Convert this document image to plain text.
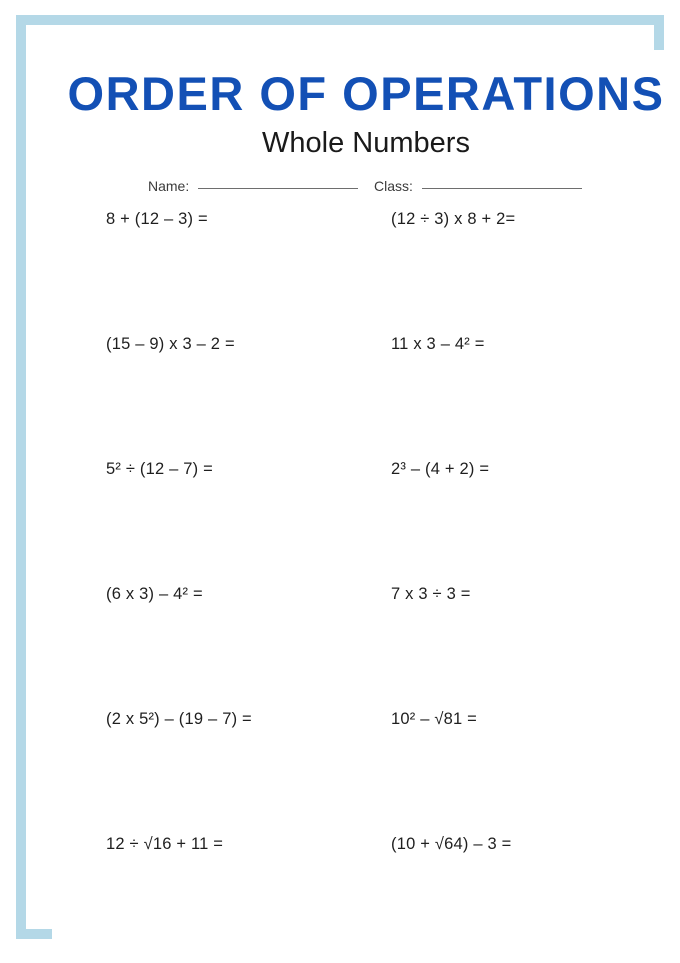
ORDER OF OPERATIONS
Whole Numbers
Name:	Class:
8 + (12 – 3) =	(12 ÷ 3) x 8 + 2=
(15 – 9) x 3 – 2 =	11 x 3 – 4² =
5² ÷ (12 – 7) =	2³ – (4 + 2) =
(6 x 3) – 4² =	7 x 3 ÷ 3 =
(2 x 5²) – (19 – 7) =	10² – √81 =
12 ÷ √16 + 11 =	(10 + √64) – 3 =
